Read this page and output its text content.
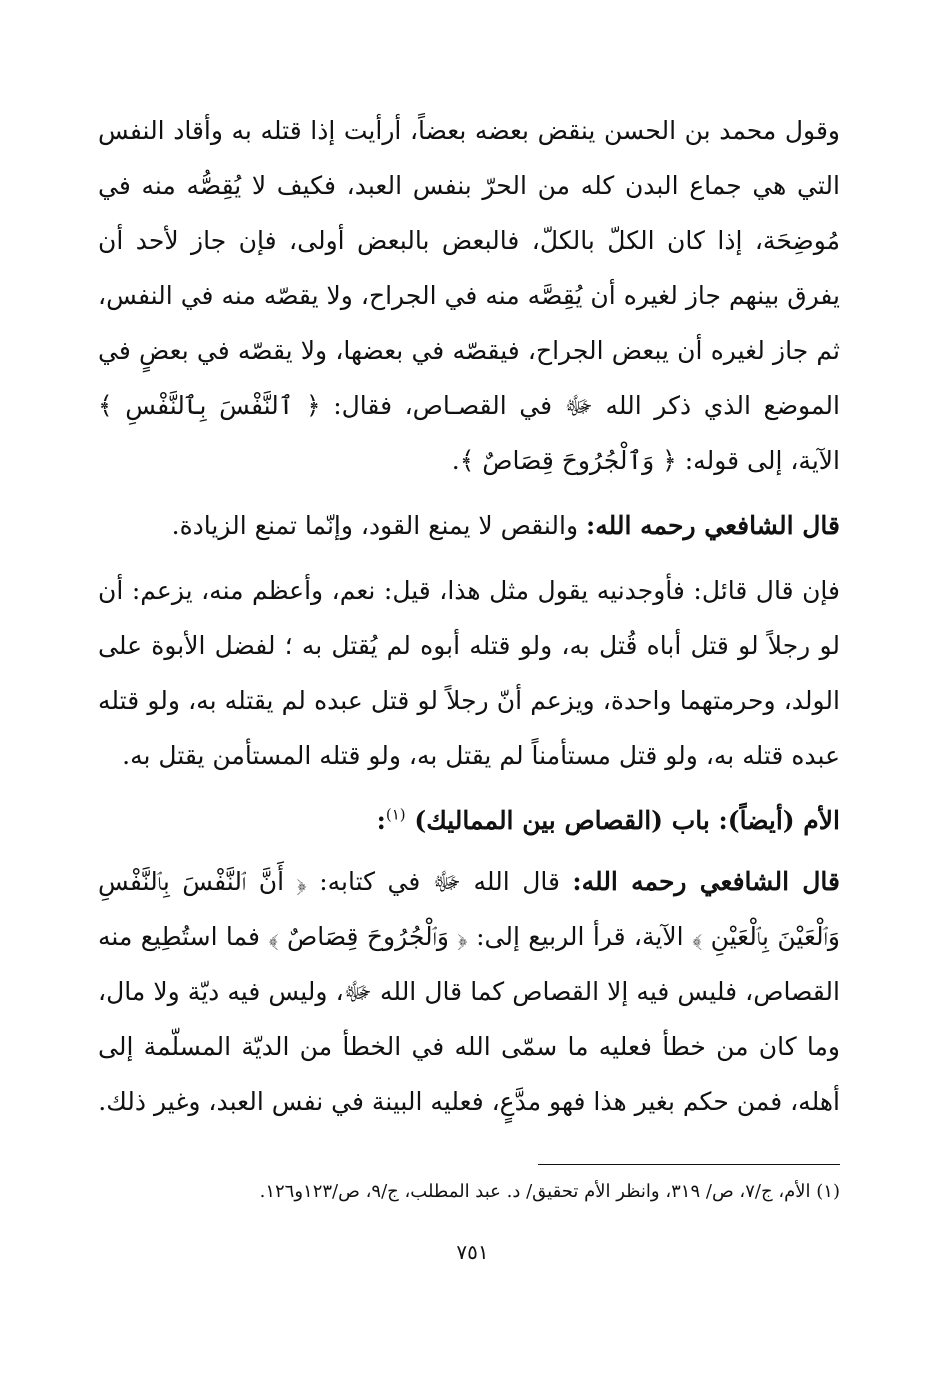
وقول محمد بن الحسن ينقض بعضه بعضاً، أرأيت إذا قتله به وأقاد النفس التي هي جماع البدن كله من الحرّ بنفس العبد، فكيف لا يُقِصُّه منه في مُوضِحَة، إذا كان الكلّ بالكلّ، فالبعض بالبعض أولى، فإن جاز لأحد أن يفرق بينهم جاز لغيره أن يُقِصَّه منه في الجراح، ولا يقصّه منه في النفس، ثم جاز لغيره أن يبعض الجراح، فيقصّه في بعضها، ولا يقصّه في بعضٍ في الموضع الذي ذكر الله ﷻ في القصـاص، فقال: ﴿ ٱلنَّفْسَ بِٱلنَّفْسِ ﴾ الآية، إلى قوله: ﴿ وَٱلْجُرُوحَ قِصَاصٌ ﴾.

قال الشافعي رحمه الله: والنقص لا يمنع القود، وإنّما تمنع الزيادة.

فإن قال قائل: فأوجدنيه يقول مثل هذا، قيل: نعم، وأعظم منه، يزعم: أن لو رجلاً لو قتل أباه قُتل به، ولو قتله أبوه لم يُقتل به ؛ لفضل الأبوة على الولد، وحرمتهما واحدة، ويزعم أنّ رجلاً لو قتل عبده لم يقتله به، ولو قتله عبده قتله به، ولو قتل مستأمناً لم يقتل به، ولو قتله المستأمن يقتل به.

الأم (أيضاً): باب (القصاص بين المماليك) $^{(١)}$:

قال الشافعي رحمه الله: قال الله ﷻ في كتابه: ﴿ أَنَّ ٱلنَّفْسَ بِٱلنَّفْسِ وَٱلْعَيْنَ بِٱلْعَيْنِ ﴾ الآية، قرأ الربيع إلى: ﴿ وَٱلْجُرُوحَ قِصَاصٌ ﴾ فما استُطِيع منه القصاص، فليس فيه إلا القصاص كما قال الله ﷻ، وليس فيه ديّة ولا مال، وما كان من خطأ فعليه ما سمّى الله في الخطأ من الديّة المسلّمة إلى أهله، فمن حكم بغير هذا فهو مدَّعٍ، فعليه البينة في نفس العبد، وغير ذلك.

(١) الأم، ج/٧، ص/ ٣١٩، وانظر الأم تحقيق/ د. عبد المطلب، ج/٩، ص/١٢٣و١٢٦.
٧٥١
